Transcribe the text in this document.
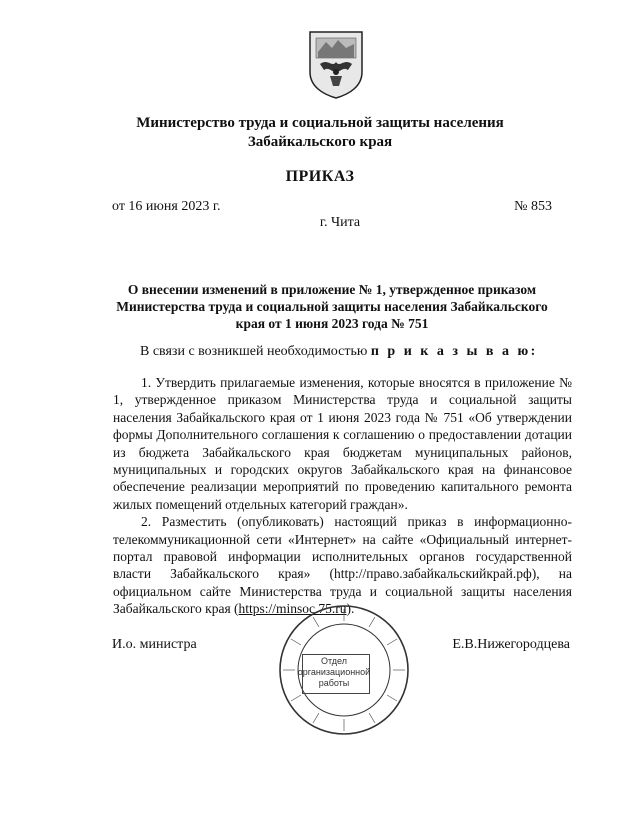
Министерство труда и социальной защиты населения
Забайкальского края
ПРИКАЗ
от 16 июня 2023 г.	№ 853
г. Чита
О внесении изменений в приложение № 1, утвержденное приказом Министерства труда и социальной защиты населения Забайкальского края от 1 июня 2023 года № 751
В связи с возникшей необходимостью п р и к а з ы в а ю:

1. Утвердить прилагаемые изменения, которые вносятся в приложение № 1, утвержденное приказом Министерства труда и социальной защиты населения Забайкальского края от 1 июня 2023 года № 751 «Об утверждении формы Дополнительного соглашения к соглашению о предоставлении дотации из бюджета Забайкальского края бюджетам муниципальных районов, муниципальных и городских округов Забайкальского края на финансовое обеспечение реализации мероприятий по проведению капитального ремонта жилых помещений отдельных категорий граждан».

2. Разместить (опубликовать) настоящий приказ в информационно-телекоммуникационной сети «Интернет» на сайте «Официальный интернет-портал правовой информации исполнительных органов государственной власти Забайкальского края» (http://право.забайкальскийкрай.рф), на официальном сайте Министерства труда и социальной защиты населения Забайкальского края (https://minsoc.75.ru).

И.о. министра	Е.В.Нижегородцева
Отдел
организационной
работы
